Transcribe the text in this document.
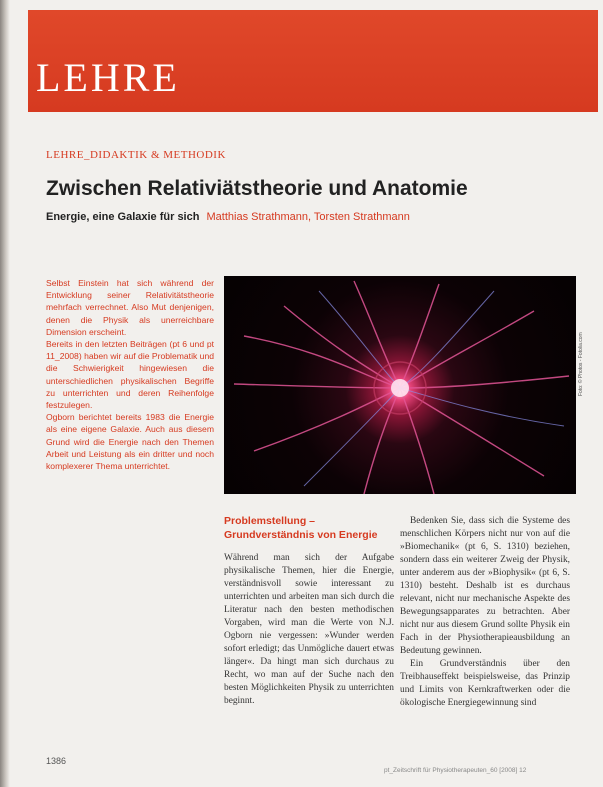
LEHRE
LEHRE_DIDAKTIK & METHODIK
Zwischen Relativiätstheorie und Anatomie
Energie, eine Galaxie für sich Matthias Strathmann, Torsten Strathmann

Selbst Einstein hat sich während der Entwicklung seiner Relativitätstheorie mehrfach verrechnet. Also Mut denjenigen, denen die Physik als unerreichbare Dimension erscheint.

Bereits in den letzten Beiträgen (pt 6 und pt 11_2008) haben wir auf die Problematik und die Schwierigkeit hingewiesen die unterschiedlichen physikalischen Begriffe zu unterrichten und deren Reihenfolge festzulegen.

Ogborn berichtet bereits 1983 die Energie als eine eigene Galaxie. Auch aus diesem Grund wird die Energie nach den Themen Arbeit und Leistung als ein dritter und noch komplexerer Thema unterrichtet.

Foto: © Photos - Fotolia.com
Problemstellung – Grundverständnis von Energie

Während man sich der Aufgabe physikalische Themen, hier die Energie, verständnisvoll sowie interessant zu unterrichten und arbeiten man sich durch die Literatur nach den besten methodischen Vorgaben, wird man die Werte von N.J. Ogborn nie vergessen: »Wunder werden sofort erledigt; das Unmögliche dauert etwas länger«. Da hingt man sich durchaus zu Recht, wo man auf der Suche nach den besten Möglichkeiten Physik zu unterrichten beginnt.

Bedenken Sie, dass sich die Systeme des menschlichen Körpers nicht nur von auf die »Biomechanik« (pt 6, S. 1310) beziehen, sondern dass ein weiterer Zweig der Physik, unter anderem aus der »Biophysik« (pt 6, S. 1310) besteht. Deshalb ist es durchaus relevant, nicht nur mechanische Aspekte des Bewegungsapparates zu betrachten. Aber nicht nur aus diesem Grund sollte Physik ein Fach in der Physiotherapieausbildung an Bedeutung gewinnen.

Ein Grundverständnis über den Treibhauseffekt beispielsweise, das Prinzip und Limits von Kernkraftwerken oder die ökologische Energiegewinnung sind

1386
pt_Zeitschrift für Physiotherapeuten_60 [2008] 12
